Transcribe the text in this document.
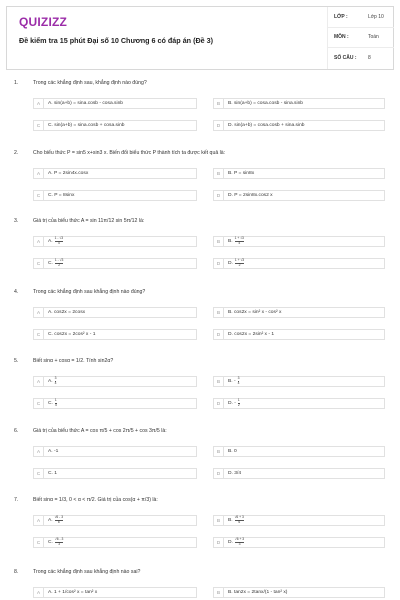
QUIZIZZ
Đề kiểm tra 15 phút Đại số 10 Chương 6 có đáp án (Đề 3)
LỚP :	Lớp 10
MÔN :	Toán
SỐ CÂU :	8
1.	Trong các khẳng định sau, khẳng định nào đúng?
A	A. sin(a+b) = sina.cosb - cosa.sinb	B	B. sin(a+b) = cosa.cosb - sina.sinb
C	C. sin(a+b) = sina.cosb + cosa.sinb	D	D. sin(a+b) = cosa.cosb + sina.sinb
2.	Cho biểu thức P = sin5 x+sin3 x. Biến đổi biểu thức P thành tích ta được kết quả là:
A	A. P = 2sin4x.cosx	B	B. P = sin8x
C	C. P = 8sinx	D	D. P = 2sin8x.cos2 x
3.	Giá trị của biểu thức A = sin 11π/12 sin 5π/12 là:
A	A. $\frac{1 - √3}{4}$	B	B. $\frac{1 + √3}{4}$
C	C. $\frac{1 - √3}{2}$	D	D. $\frac{1 + √3}{2}$
4.	Trong các khẳng định sau khẳng định nào đúng?
A	A. cos2x = 2cosx	B	B. cos2x = sin² x - cos² x
C	C. cos2x = 2cos² x - 1	D	D. cos2x = 2sin² x - 1
5.	Biết sinα + cosα = 1/2. Tính sin2α?
A	A. $\frac{3}{4}$	B	B. - $\frac{3}{4}$
C	C. $\frac{1}{4}$	D	D. - $\frac{1}{2}$
6.	Giá trị của biểu thức A = cos π/5 + cos 2π/5 + cos 3π/5 là:
A	A. -1	B	B. 0
C	C. 1	D	D. 3/4
7.	Biết sinα = 1/3, 0 < α < π/2. Giá trị của cos(α + π/3) là:
A	A. $\frac{√6 - 3}{6}$	B	B. $\frac{√6 + 3}{6}$
C	C. $\frac{√6 - 3}{3}$	D	D. $\frac{√6 + 3}{3}$
8.	Trong các khẳng định sau khẳng định nào sai?
A	A. 1 + 1/cos² x = tan² x	B	B. tan2x = 2tanx/(1 - tan² x)
